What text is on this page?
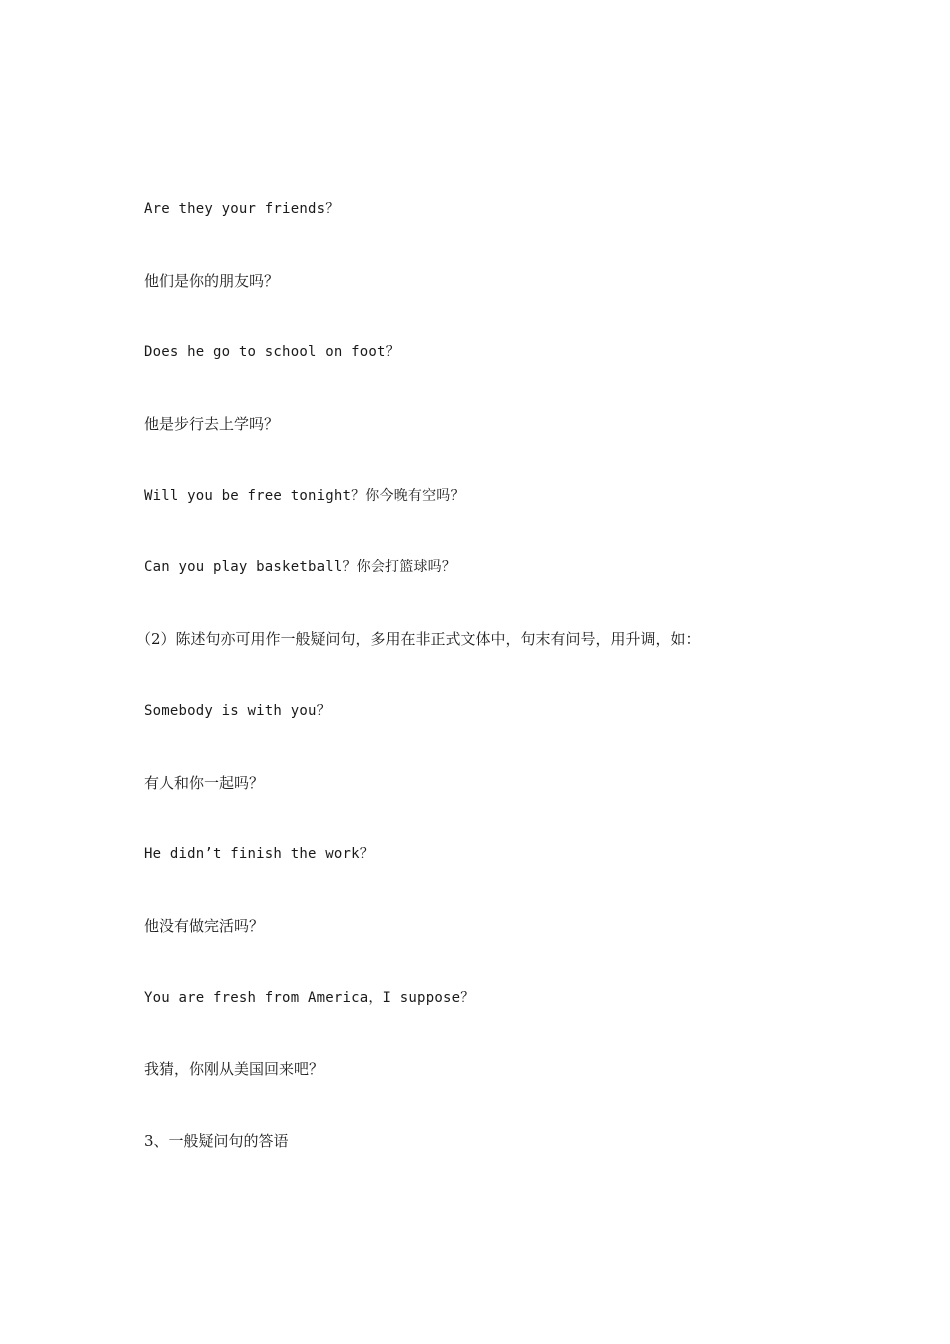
Are they your friends？
他们是你的朋友吗？
Does he go to school on foot？
他是步行去上学吗？
Will you be free tonight？你今晚有空吗？
Can you play basketball？你会打篮球吗？
（2）陈述句亦可用作一般疑问句，多用在非正式文体中，句末有问号，用升调，如：
Somebody is with you？
有人和你一起吗？
He didn’t finish the work？
他没有做完活吗？
You are fresh from America，I suppose？
我猜，你刚从美国回来吧？
3、一般疑问句的答语
